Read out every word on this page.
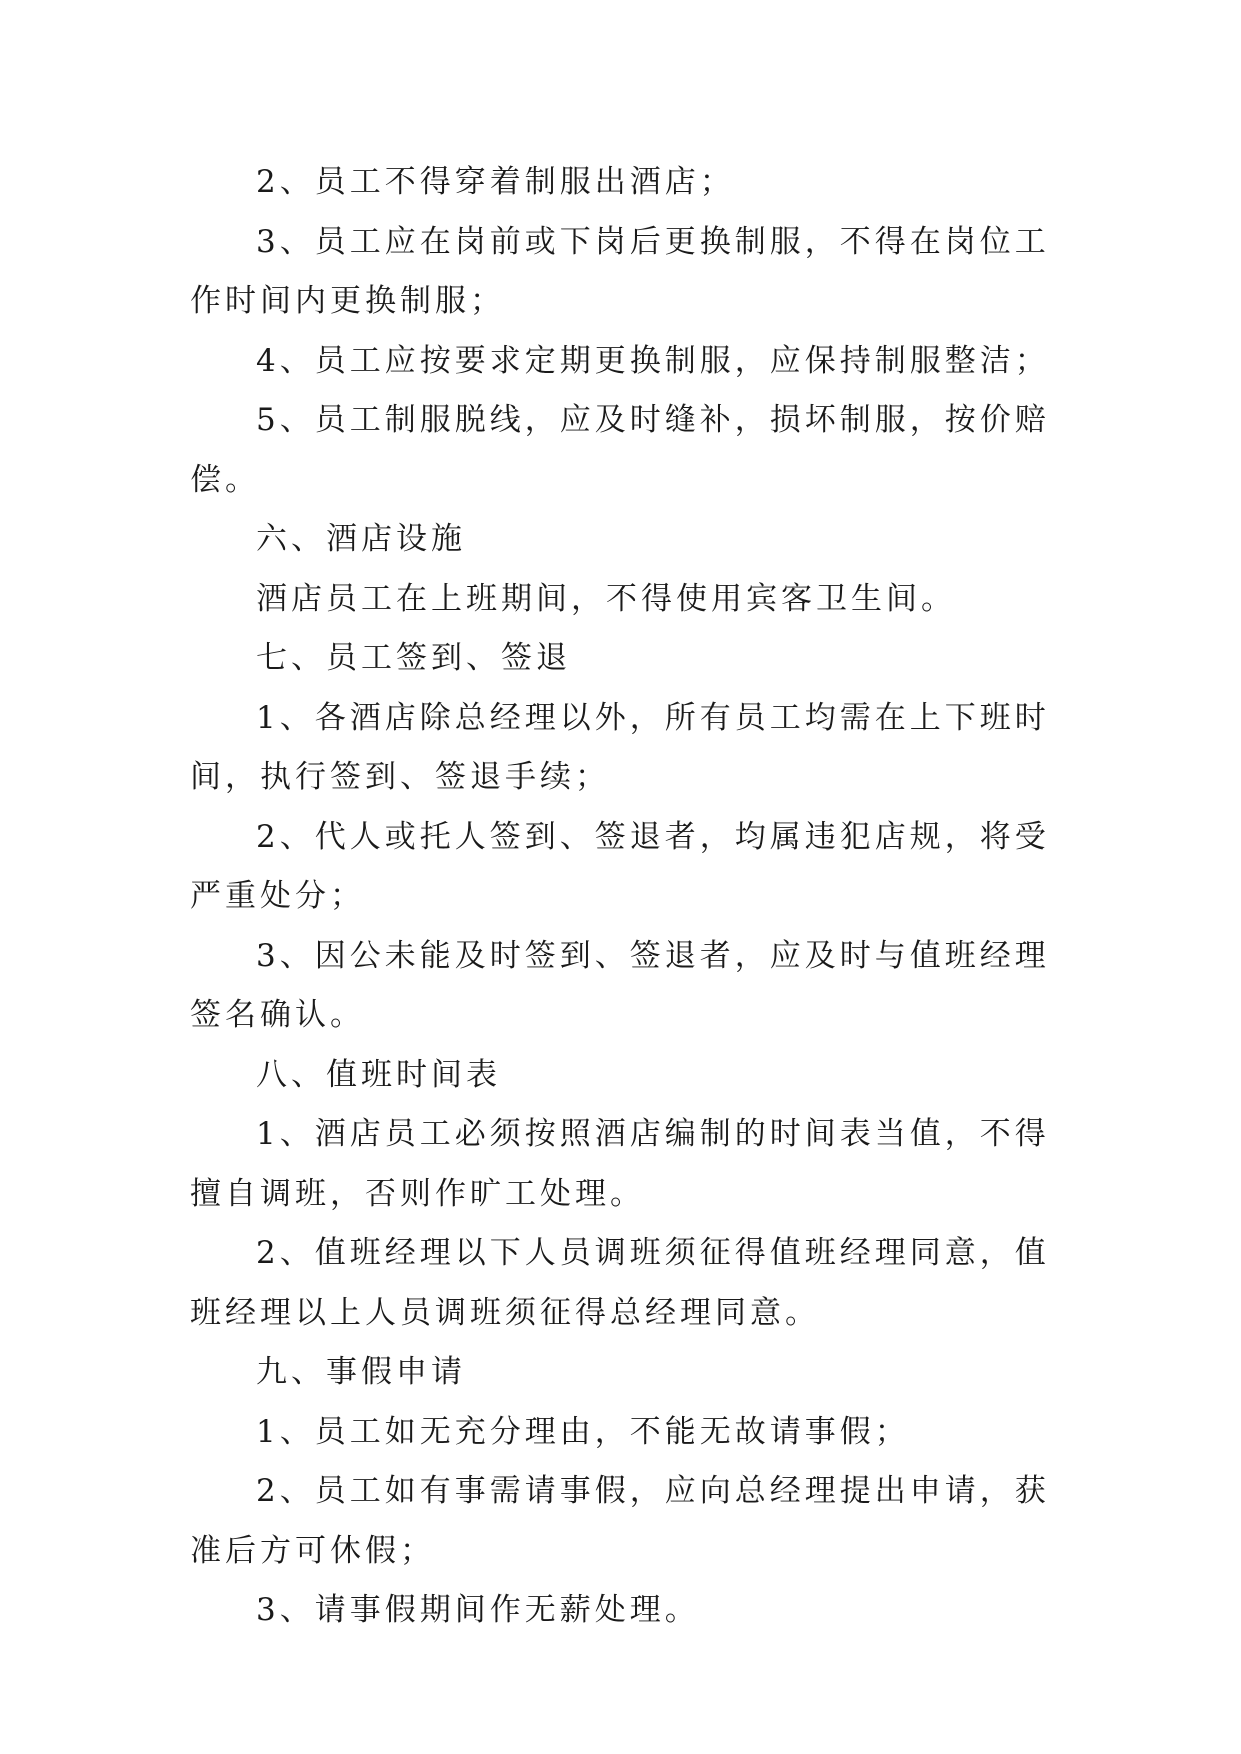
2、员工不得穿着制服出酒店；

3、员工应在岗前或下岗后更换制服，不得在岗位工作时间内更换制服；

4、员工应按要求定期更换制服，应保持制服整洁；

5、员工制服脱线，应及时缝补，损坏制服，按价赔偿。

六、酒店设施

酒店员工在上班期间，不得使用宾客卫生间。

七、员工签到、签退

1、各酒店除总经理以外，所有员工均需在上下班时间，执行签到、签退手续；

2、代人或托人签到、签退者，均属违犯店规，将受严重处分；

3、因公未能及时签到、签退者，应及时与值班经理签名确认。

八、值班时间表

1、酒店员工必须按照酒店编制的时间表当值，不得擅自调班，否则作旷工处理。

2、值班经理以下人员调班须征得值班经理同意，值班经理以上人员调班须征得总经理同意。

九、事假申请

1、员工如无充分理由，不能无故请事假；

2、员工如有事需请事假，应向总经理提出申请，获准后方可休假；

3、请事假期间作无薪处理。
